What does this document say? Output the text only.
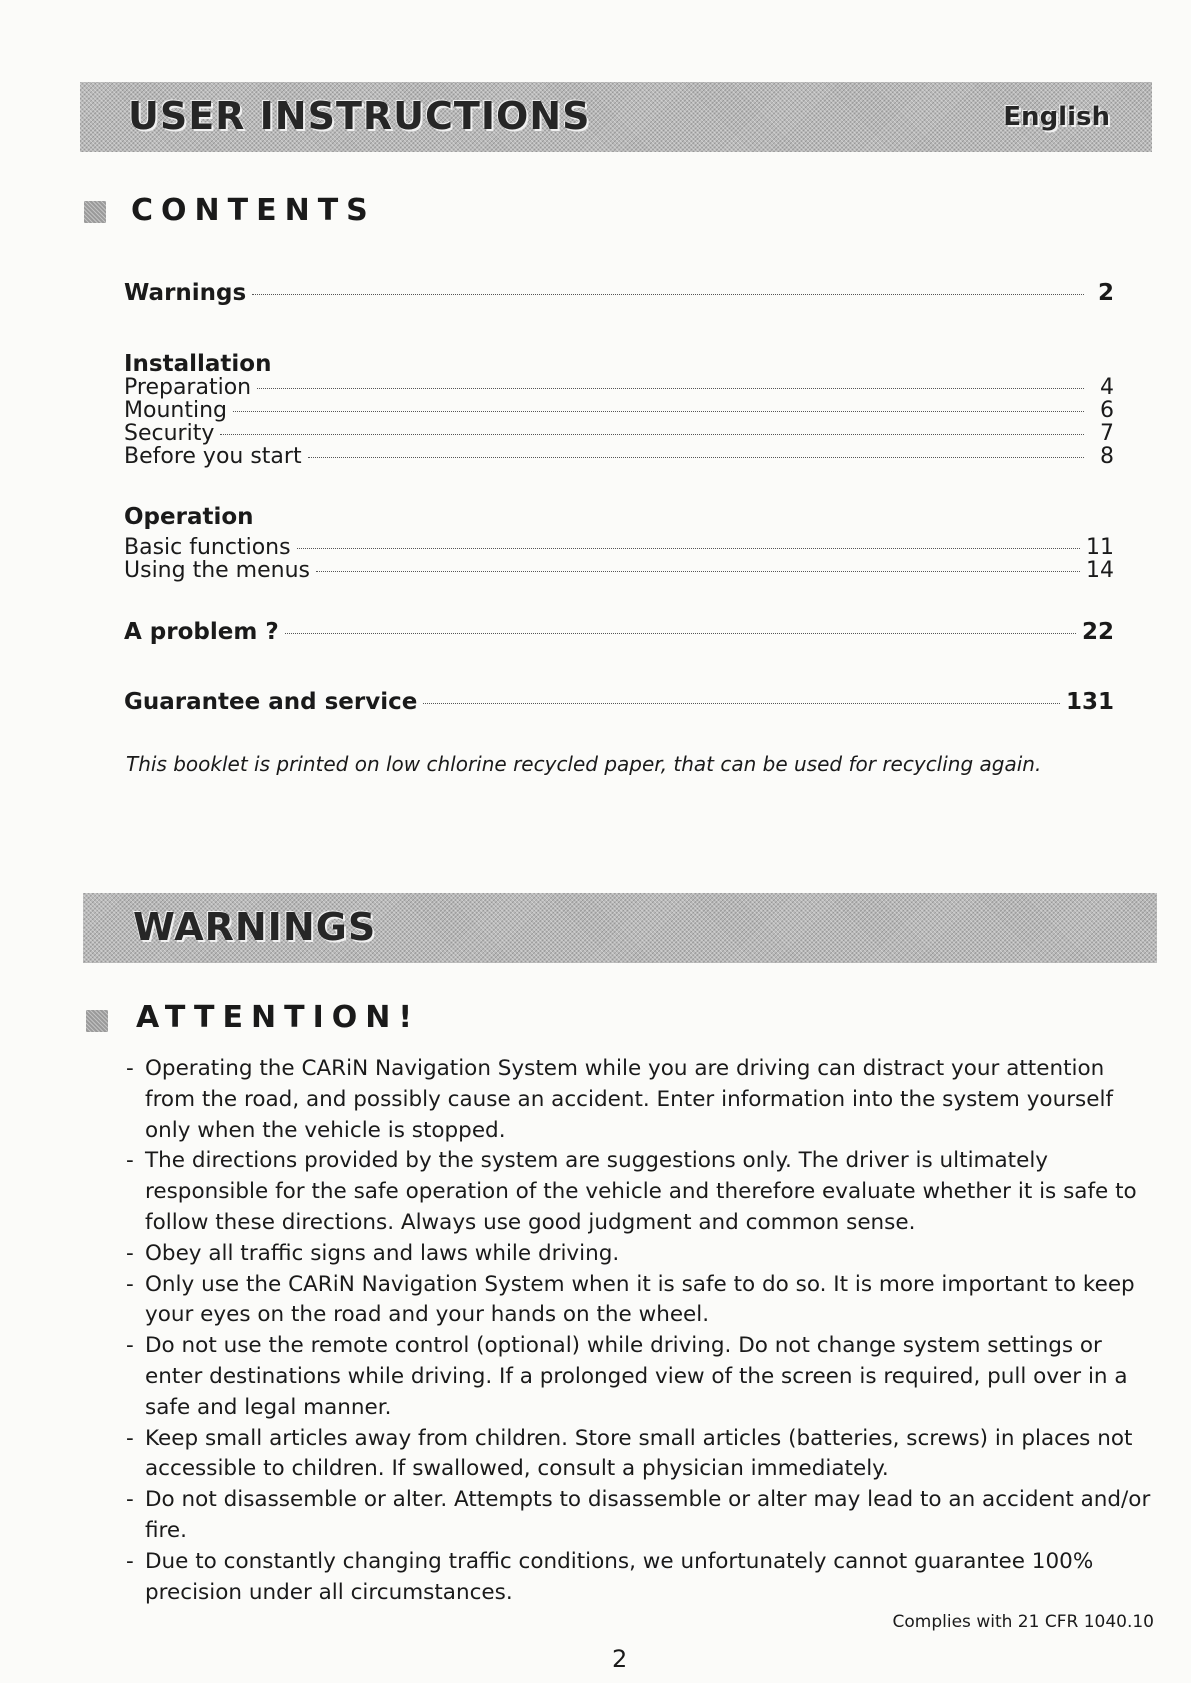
USER INSTRUCTIONS	English
CONTENTS
Warnings	2
Installation
Preparation	4
Mounting	6
Security	7
Before you start	8
Operation
Basic functions	11
Using the menus	14
A problem ?	22
Guarantee and service	131
This booklet is printed on low chlorine recycled paper, that can be used for recycling again.
WARNINGS
ATTENTION!
- Operating the CARiN Navigation System while you are driving can distract your attention from the road, and possibly cause an accident. Enter information into the system yourself only when the vehicle is stopped.
- The directions provided by the system are suggestions only. The driver is ultimately responsible for the safe operation of the vehicle and therefore evaluate whether it is safe to follow these directions. Always use good judgment and common sense.
- Obey all traffic signs and laws while driving.
- Only use the CARiN Navigation System when it is safe to do so. It is more important to keep your eyes on the road and your hands on the wheel.
- Do not use the remote control (optional) while driving. Do not change system settings or enter destinations while driving. If a prolonged view of the screen is required, pull over in a safe and legal manner.
- Keep small articles away from children. Store small articles (batteries, screws) in places not accessible to children. If swallowed, consult a physician immediately.
- Do not disassemble or alter. Attempts to disassemble or alter may lead to an accident and/or fire.
- Due to constantly changing traffic conditions, we unfortunately cannot guarantee 100% precision under all circumstances.
Complies with 21 CFR 1040.10
2
